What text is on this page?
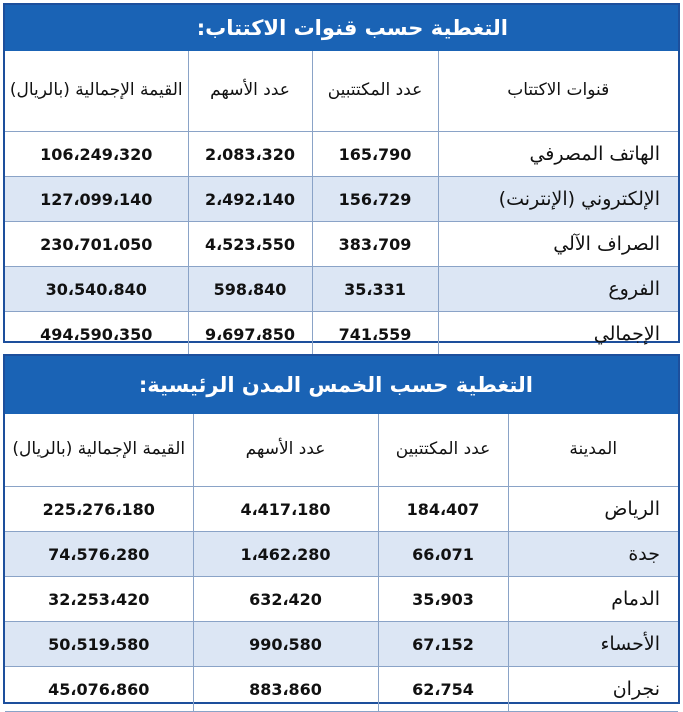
التغطية حسب قنوات الاكتتاب:
قنوات الاكتتاب	عدد المكتتبين	عدد الأسهم	القيمة الإجمالية (بالريال)
الهاتف المصرفي	165،790	2،083،320	106،249،320
الإلكتروني (الإنترنت)	156،729	2،492،140	127،099،140
الصراف الآلي	383،709	4،523،550	230،701،050
الفروع	35،331	598،840	30،540،840
الإجمالي	741،559	9،697،850	494،590،350
التغطية حسب الخمس المدن الرئيسية:
المدينة	عدد المكتتبين	عدد الأسهم	القيمة الإجمالية (بالريال)
الرياض	184،407	4،417،180	225،276،180
جدة	66،071	1،462،280	74،576،280
الدمام	35،903	632،420	32،253،420
الأحساء	67،152	990،580	50،519،580
نجران	62،754	883،860	45،076،860
